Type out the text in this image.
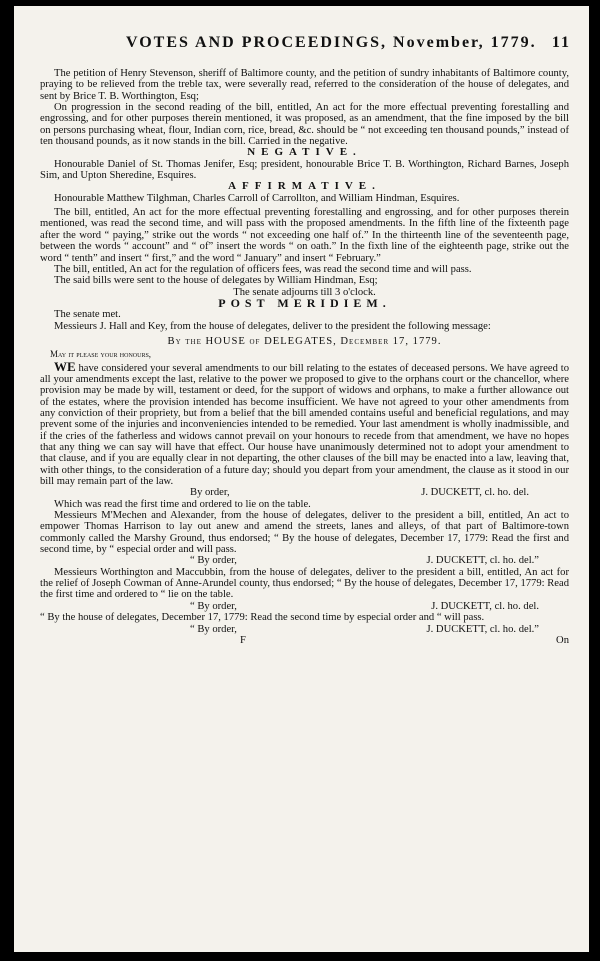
VOTES AND PROCEEDINGS, November, 1779. 11

The petition of Henry Stevenson, sheriff of Baltimore county, and the petition of sundry inhabitants of Baltimore county, praying to be relieved from the treble tax, were severally read, referred to the consideration of the house of delegates, and sent by Brice T. B. Worthington, Esq;

On progression in the second reading of the bill, entitled, An act for the more effectual preventing forestalling and engrossing, and for other purposes therein mentioned, it was proposed, as an amendment, that the fine imposed by the bill on persons purchasing wheat, flour, Indian corn, rice, bread, &c. should be “ not exceeding ten thousand pounds,” instead of ten thousand pounds, as it now stands in the bill. Carried in the negative.

NEGATIVE.

Honourable Daniel of St. Thomas Jenifer, Esq; president, honourable Brice T. B. Worthington, Richard Barnes, Joseph Sim, and Upton Sheredine, Esquires.

AFFIRMATIVE.

Honourable Matthew Tilghman, Charles Carroll of Carrollton, and William Hindman, Esquires.

The bill, entitled, An act for the more effectual preventing forestalling and engrossing, and for other purposes therein mentioned, was read the second time, and will pass with the proposed amendments. In the fifth line of the fixteenth page after the word “ paying,” strike out the words “ not exceeding one half of.” In the thirteenth line of the seventeenth page, between the words “ account” and “ of” insert the words “ on oath.” In the fixth line of the eighteenth page, strike out the word “ tenth” and insert “ first,” and the word “ January” and insert “ February.”

The bill, entitled, An act for the regulation of officers fees, was read the second time and will pass.

The said bills were sent to the house of delegates by William Hindman, Esq;

The senate adjourns till 3 o'clock.

POST MERIDIEM.

The senate met.

Messieurs J. Hall and Key, from the house of delegates, deliver to the president the following message:

By the HOUSE of DELEGATES, December 17, 1779.

May it please your honours,

WE have considered your several amendments to our bill relating to the estates of deceased persons. We have agreed to all your amendments except the last, relative to the power we proposed to give to the orphans court or the chancellor, where provision may be made by will, testament or deed, for the support of widows and orphans, to make a further allowance out of the estates, where the provision intended has become insufficient. We have not agreed to your other amendments from any conviction of their propriety, but from a belief that the bill amended contains useful and beneficial regulations, and may prevent some of the injuries and inconveniencies intended to be remedied. Your last amendment is wholly inadmissible, and if the cries of the fatherless and widows cannot prevail on your honours to recede from that amendment, we have no hopes that any thing we can say will have that effect. Our house have unanimously determined not to adopt your amendment to that clause, and if you are equally clear in not departing, the other clauses of the bill may be enacted into a law, leaving that, with other things, to the consideration of a future day; should you depart from your amendment, the clause as it stood in our bill may remain part of the law.

By order,	J. DUCKETT, cl. ho. del.

Which was read the first time and ordered to lie on the table.

Messieurs M'Mechen and Alexander, from the house of delegates, deliver to the president a bill, entitled, An act to empower Thomas Harrison to lay out anew and amend the streets, lanes and alleys, of that part of Baltimore-town commonly called the Marshy Ground, thus endorsed; “ By the house of delegates, December 17, 1779: Read the first and second time, by “ especial order and will pass.

“ By order,	J. DUCKETT, cl. ho. del.”

Messieurs Worthington and Maccubbin, from the house of delegates, deliver to the president a bill, entitled, An act for the relief of Joseph Cowman of Anne-Arundel county, thus endorsed; “ By the house of delegates, December 17, 1779: Read the first time and ordered to “ lie on the table.

“ By order,	J. DUCKETT, cl. ho. del.

“ By the house of delegates, December 17, 1779: Read the second time by especial order and “ will pass.

“ By order,	J. DUCKETT, cl. ho. del.”
F	On
